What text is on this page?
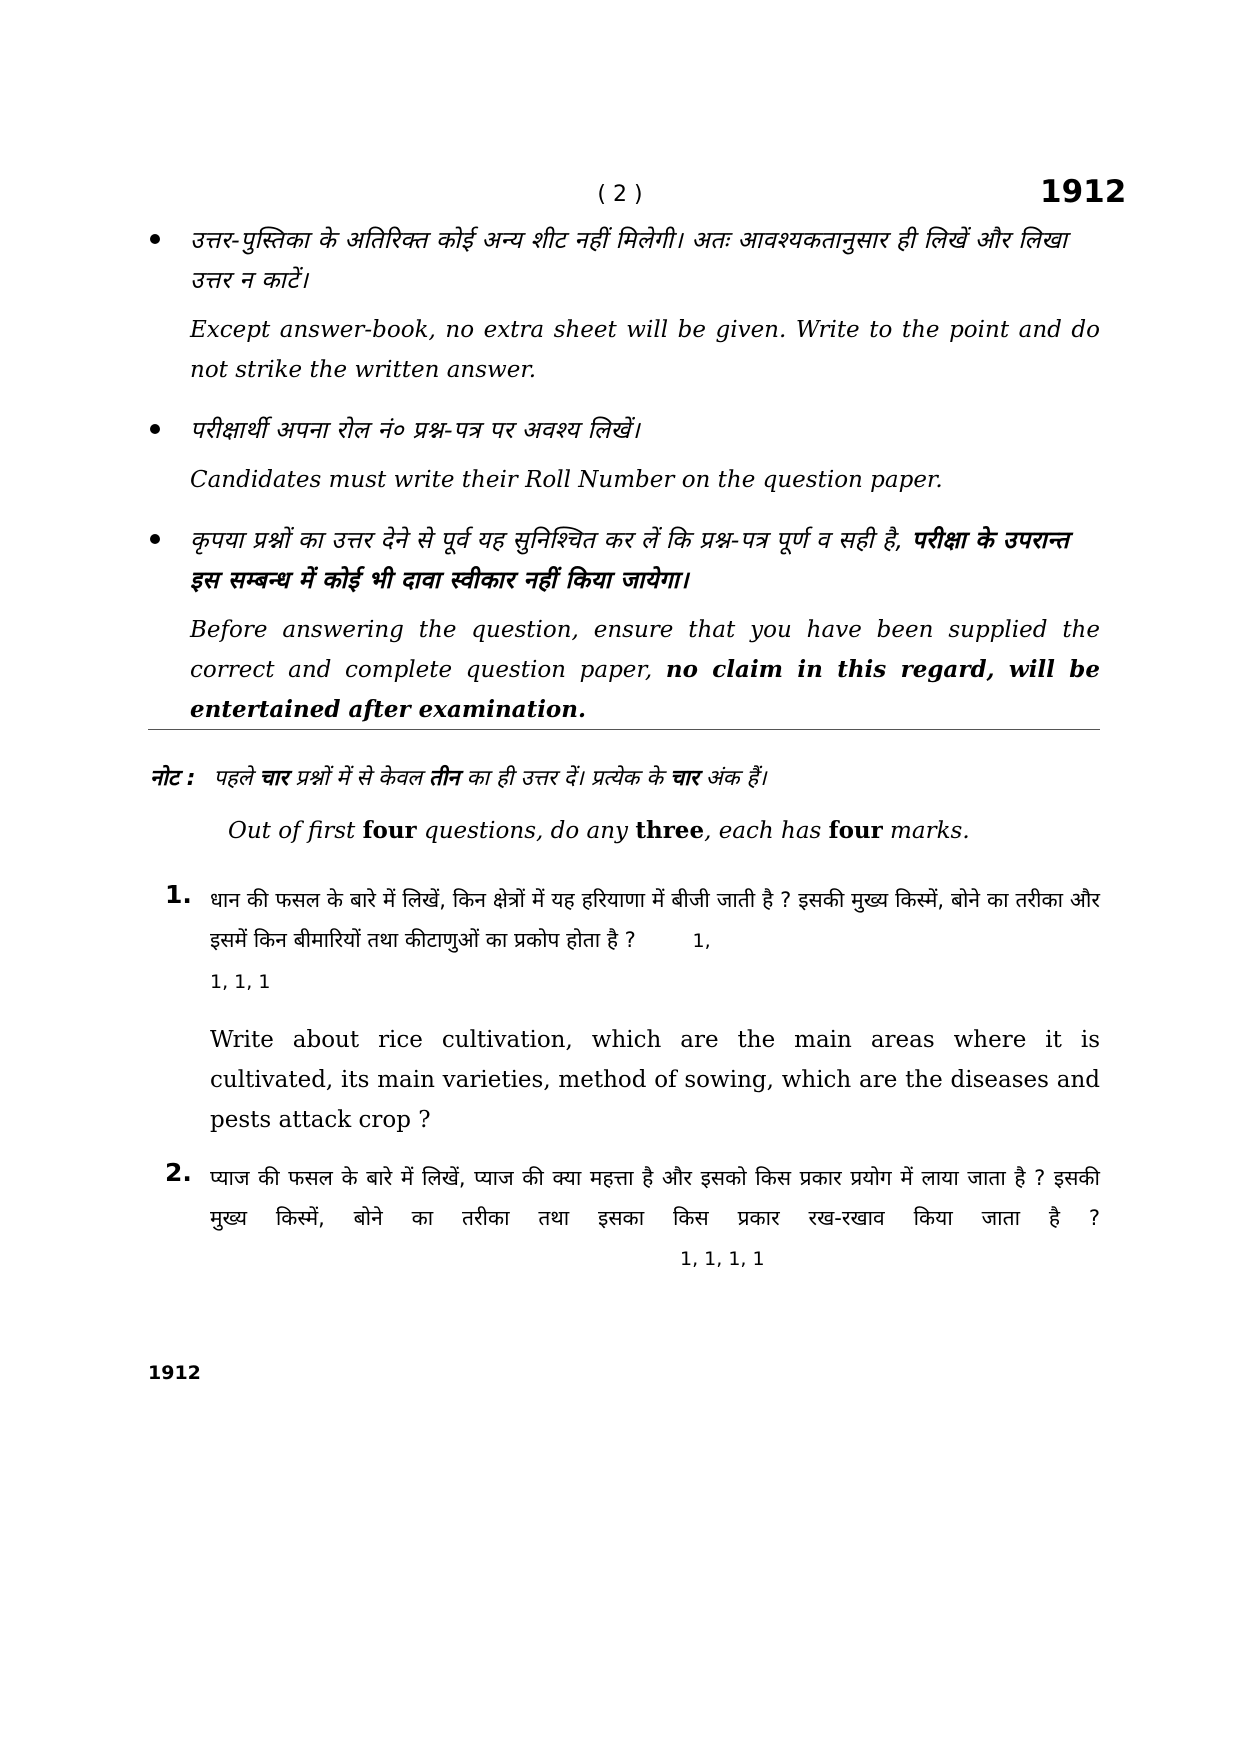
( 2 )	1912
उत्तर-पुस्तिका के अतिरिक्त कोई अन्य शीट नहीं मिलेगी। अतः आवश्यकतानुसार ही लिखें और लिखा उत्तर न काटें।
Except answer-book, no extra sheet will be given. Write to the point and do not strike the written answer.
परीक्षार्थी अपना रोल नं० प्रश्न-पत्र पर अवश्य लिखें।
Candidates must write their Roll Number on the question paper.
कृपया प्रश्नों का उत्तर देने से पूर्व यह सुनिश्चित कर लें कि प्रश्न-पत्र पूर्ण व सही है, परीक्षा के उपरान्त इस सम्बन्ध में कोई भी दावा स्वीकार नहीं किया जायेगा।
Before answering the question, ensure that you have been supplied the correct and complete question paper, no claim in this regard, will be entertained after examination.
नोट : पहले चार प्रश्नों में से केवल तीन का ही उत्तर दें। प्रत्येक के चार अंक हैं।
Out of first four questions, do any three, each has four marks.
1. धान की फसल के बारे में लिखें, किन क्षेत्रों में यह हरियाणा में बीजी जाती है ? इसकी मुख्य किस्में, बोने का तरीका और इसमें किन बीमारियों तथा कीटाणुओं का प्रकोप होता है ?	1,
1, 1, 1
Write about rice cultivation, which are the main areas where it is cultivated, its main varieties, method of sowing, which are the diseases and pests attack crop ?
2. प्याज की फसल के बारे में लिखें, प्याज की क्या महत्ता है और इसको किस प्रकार प्रयोग में लाया जाता है ? इसकी मुख्य किस्में, बोने का तरीका तथा इसका किस प्रकार रख-रखाव किया जाता है ? 1, 1, 1, 1
1912
